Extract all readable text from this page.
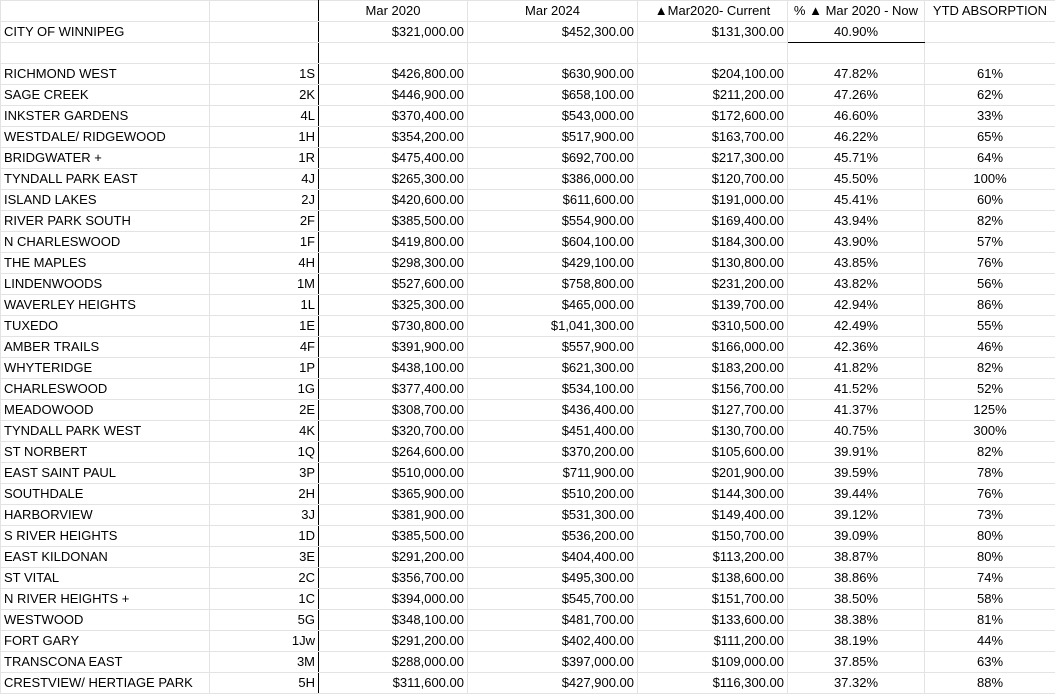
		Mar 2020	Mar 2024	▲Mar2020- Current	% ▲ Mar 2020 - Now	YTD ABSORPTION
CITY OF WINNIPEG		$321,000.00	$452,300.00	$131,300.00	40.90%	

RICHMOND WEST	1S	$426,800.00	$630,900.00	$204,100.00	47.82%	61%
SAGE CREEK	2K	$446,900.00	$658,100.00	$211,200.00	47.26%	62%
INKSTER GARDENS	4L	$370,400.00	$543,000.00	$172,600.00	46.60%	33%
WESTDALE/ RIDGEWOOD	1H	$354,200.00	$517,900.00	$163,700.00	46.22%	65%
BRIDGWATER +	1R	$475,400.00	$692,700.00	$217,300.00	45.71%	64%
TYNDALL PARK EAST	4J	$265,300.00	$386,000.00	$120,700.00	45.50%	100%
ISLAND LAKES	2J	$420,600.00	$611,600.00	$191,000.00	45.41%	60%
RIVER PARK SOUTH	2F	$385,500.00	$554,900.00	$169,400.00	43.94%	82%
N CHARLESWOOD	1F	$419,800.00	$604,100.00	$184,300.00	43.90%	57%
THE MAPLES	4H	$298,300.00	$429,100.00	$130,800.00	43.85%	76%
LINDENWOODS	1M	$527,600.00	$758,800.00	$231,200.00	43.82%	56%
WAVERLEY HEIGHTS	1L	$325,300.00	$465,000.00	$139,700.00	42.94%	86%
TUXEDO	1E	$730,800.00	$1,041,300.00	$310,500.00	42.49%	55%
AMBER TRAILS	4F	$391,900.00	$557,900.00	$166,000.00	42.36%	46%
WHYTERIDGE	1P	$438,100.00	$621,300.00	$183,200.00	41.82%	82%
CHARLESWOOD	1G	$377,400.00	$534,100.00	$156,700.00	41.52%	52%
MEADOWOOD	2E	$308,700.00	$436,400.00	$127,700.00	41.37%	125%
TYNDALL PARK WEST	4K	$320,700.00	$451,400.00	$130,700.00	40.75%	300%
ST NORBERT	1Q	$264,600.00	$370,200.00	$105,600.00	39.91%	82%
EAST SAINT PAUL	3P	$510,000.00	$711,900.00	$201,900.00	39.59%	78%
SOUTHDALE	2H	$365,900.00	$510,200.00	$144,300.00	39.44%	76%
HARBORVIEW	3J	$381,900.00	$531,300.00	$149,400.00	39.12%	73%
S RIVER HEIGHTS	1D	$385,500.00	$536,200.00	$150,700.00	39.09%	80%
EAST KILDONAN	3E	$291,200.00	$404,400.00	$113,200.00	38.87%	80%
ST VITAL	2C	$356,700.00	$495,300.00	$138,600.00	38.86%	74%
N RIVER HEIGHTS +	1C	$394,000.00	$545,700.00	$151,700.00	38.50%	58%
WESTWOOD	5G	$348,100.00	$481,700.00	$133,600.00	38.38%	81%
FORT GARY	1Jw	$291,200.00	$402,400.00	$111,200.00	38.19%	44%
TRANSCONA EAST	3M	$288,000.00	$397,000.00	$109,000.00	37.85%	63%
CRESTVIEW/ HERTIAGE PARK	5H	$311,600.00	$427,900.00	$116,300.00	37.32%	88%
